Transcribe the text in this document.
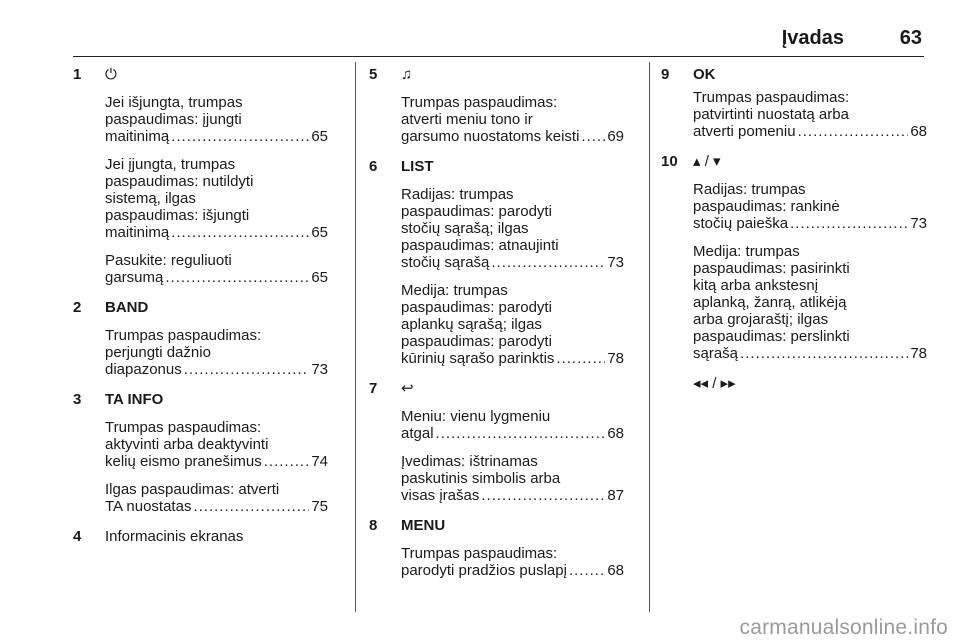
Įvadas	63
1 ⏻
Jei išjungta, trumpas
paspaudimas: įjungti
maitinimą .....	65
Jei įjungta, trumpas
paspaudimas: nutildyti
sistemą, ilgas
paspaudimas: išjungti
maitinimą .....	65
Pasukite: reguliuoti
garsumą .....	65
2 BAND
Trumpas paspaudimas:
perjungti dažnio
diapazonus .....	73
3 TA INFO
Trumpas paspaudimas:
aktyvinti arba deaktyvinti
kelių eismo pranešimus .....	74
Ilgas paspaudimas: atverti
TA nuostatas .....	75
4 Informacinis ekranas
5 ♫
Trumpas paspaudimas:
atverti meniu tono ir
garsumo nuostatoms keisti ..... 69
6 LIST
Radijas: trumpas
paspaudimas: parodyti
stočių sąrašą; ilgas
paspaudimas: atnaujinti
stočių sąrašą .....	73
Medija: trumpas
paspaudimas: parodyti
aplankų sąrašą; ilgas
paspaudimas: parodyti
kūrinių sąrašo parinktis .....	78
7 ↩
Meniu: vienu lygmeniu
atgal .....	68
Įvedimas: ištrinamas
paskutinis simbolis arba
visas įrašas .....	87
8 MENU
Trumpas paspaudimas:
parodyti pradžios puslapį .....	68
9 OK
Trumpas paspaudimas:
patvirtinti nuostatą arba
atverti pomeniu .....	68
10 ▴ / ▾
Radijas: trumpas
paspaudimas: rankinė
stočių paieška .....	73
Medija: trumpas
paspaudimas: pasirinkti
kitą arba ankstesnį
aplanką, žanrą, atlikėją
arba grojaraštį; ilgas
paspaudimas: perslinkti
sąrašą .....	78
◂◂ / ▸▸
carmanualsonline.info
